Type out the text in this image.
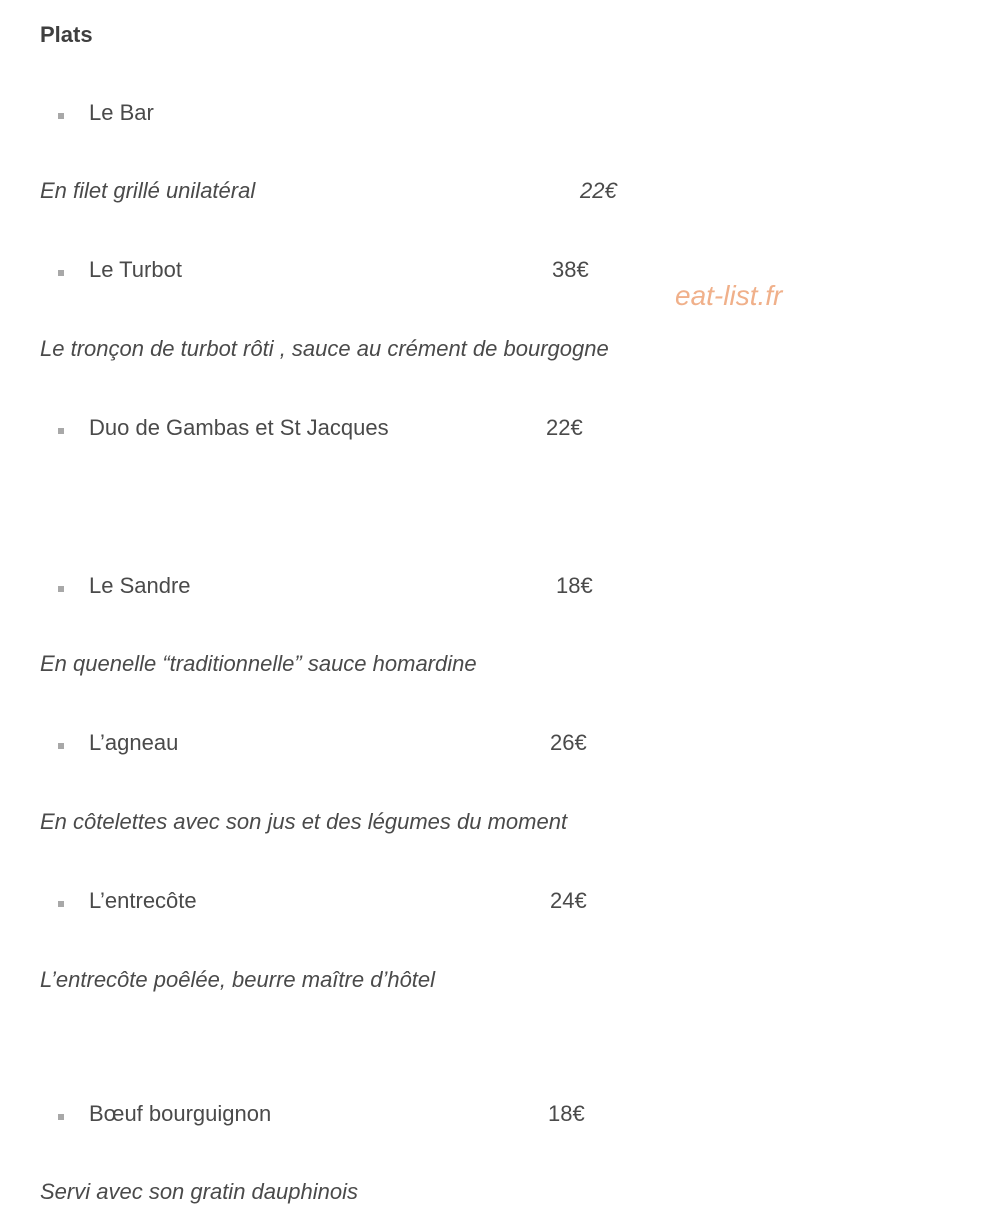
Plats
Le Bar
En filet grillé unilatéral	22€
Le Turbot	38€
Le tronçon de turbot rôti , sauce au crément de bourgogne
eat-list.fr
Duo de Gambas et St Jacques	22€
Le Sandre	18€
En quenelle “traditionnelle” sauce homardine
L’agneau	26€
En côtelettes avec son jus et des légumes du moment
L’entrecôte	24€
L’entrecôte poêlée, beurre maître d’hôtel
Bœuf bourguignon	18€
Servi avec son gratin dauphinois
